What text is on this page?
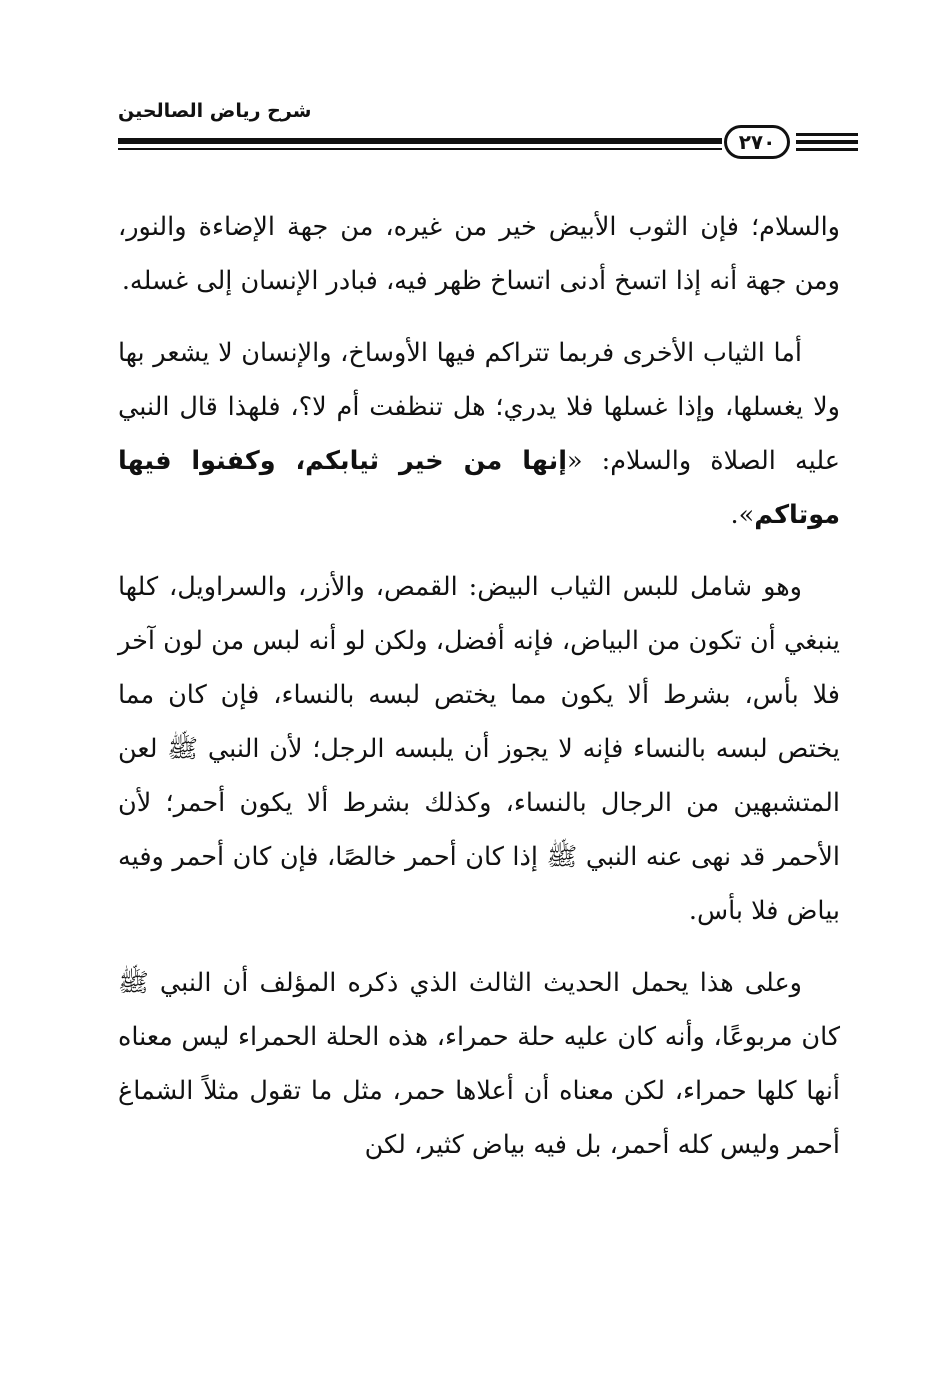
شرح رياض الصالحين
٢٧٠

والسلام؛ فإن الثوب الأبيض خير من غيره، من جهة الإضاءة والنور، ومن جهة أنه إذا اتسخ أدنى اتساخ ظهر فيه، فبادر الإنسان إلى غسله.

أما الثياب الأخرى فربما تتراكم فيها الأوساخ، والإنسان لا يشعر بها ولا يغسلها، وإذا غسلها فلا يدري؛ هل تنظفت أم لا؟، فلهذا قال النبي عليه الصلاة والسلام: «إنها من خير ثيابكم، وكفنوا فيها موتاكم».

وهو شامل للبس الثياب البيض: القمص، والأزر، والسراويل، كلها ينبغي أن تكون من البياض، فإنه أفضل، ولكن لو أنه لبس من لون آخر فلا بأس، بشرط ألا يكون مما يختص لبسه بالنساء، فإن كان مما يختص لبسه بالنساء فإنه لا يجوز أن يلبسه الرجل؛ لأن النبي ﷺ لعن المتشبهين من الرجال بالنساء، وكذلك بشرط ألا يكون أحمر؛ لأن الأحمر قد نهى عنه النبي ﷺ إذا كان أحمر خالصًا، فإن كان أحمر وفيه بياض فلا بأس.

وعلى هذا يحمل الحديث الثالث الذي ذكره المؤلف أن النبي ﷺ كان مربوعًا، وأنه كان عليه حلة حمراء، هذه الحلة الحمراء ليس معناه أنها كلها حمراء، لكن معناه أن أعلاها حمر، مثل ما تقول مثلاً الشماغ أحمر وليس كله أحمر، بل فيه بياض كثير، لكن
